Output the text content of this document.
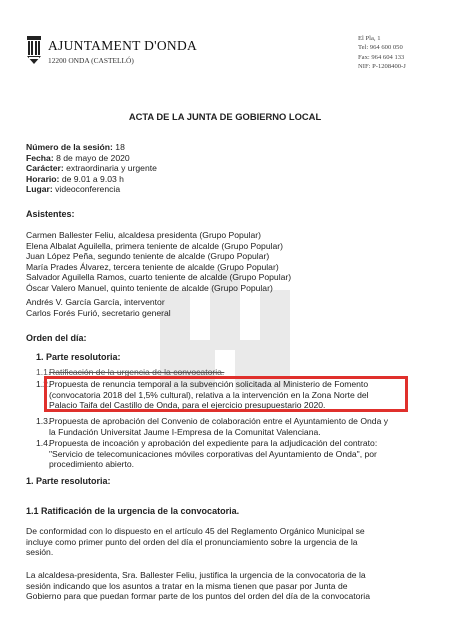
AJUNTAMENT D'ONDA
12200 ONDA (CASTELLÓ)
El Pla, 1
Tel: 964 600 050
Fax: 964 604 133
NIF: P-1208400-J
ACTA DE LA JUNTA DE GOBIERNO LOCAL
Número de la sesión: 18
Fecha: 8 de mayo de 2020
Carácter: extraordinaria y urgente
Horario: de 9.01 a 9.03 h
Lugar: videoconferencia
Asistentes:
Carmen Ballester Feliu, alcaldesa presidenta (Grupo Popular)
Elena Albalat Aguilella, primera teniente de alcalde (Grupo Popular)
Juan López Peña, segundo teniente de alcalde (Grupo Popular)
María Prades Álvarez, tercera teniente de alcalde (Grupo Popular)
Salvador Aguilella Ramos, cuarto teniente de alcalde (Grupo Popular)
Óscar Valero Manuel, quinto teniente de alcalde (Grupo Popular)
Andrés V. García García, interventor
Carlos Forés Furió, secretario general
Orden del día:
1. Parte resolutoria:
1.1.
Ratificación de la urgencia de la convocatoria.
1.2.
Propuesta de renuncia temporal a la subvención solicitada al Ministerio de Fomento
(convocatoria 2018 del 1,5% cultural), relativa a la intervención en la Zona Norte del
Palacio Taifa del Castillo de Onda, para el ejercicio presupuestario 2020.
1.3.
Propuesta de aprobación del Convenio de colaboración entre el Ayuntamiento de Onda y
la Fundación Universitat Jaume I-Empresa de la Comunitat Valenciana.
1.4.
Propuesta de incoación y aprobación del expediente para la adjudicación del contrato:
"Servicio de telecomunicaciones móviles corporativas del Ayuntamiento de Onda", por
procedimiento abierto.
1. Parte resolutoria:
1.1 Ratificación de la urgencia de la convocatoria.
De conformidad con lo dispuesto en el artículo 45 del Reglamento Orgánico Municipal se
incluye como primer punto del orden del día el pronunciamiento sobre la urgencia de la
sesión.
La alcaldesa-presidenta, Sra. Ballester Feliu, justifica la urgencia de la convocatoria de la
sesión indicando que los asuntos a tratar en la misma tienen que pasar por Junta de
Gobierno para que puedan formar parte de los puntos del orden del día de la convocatoria
